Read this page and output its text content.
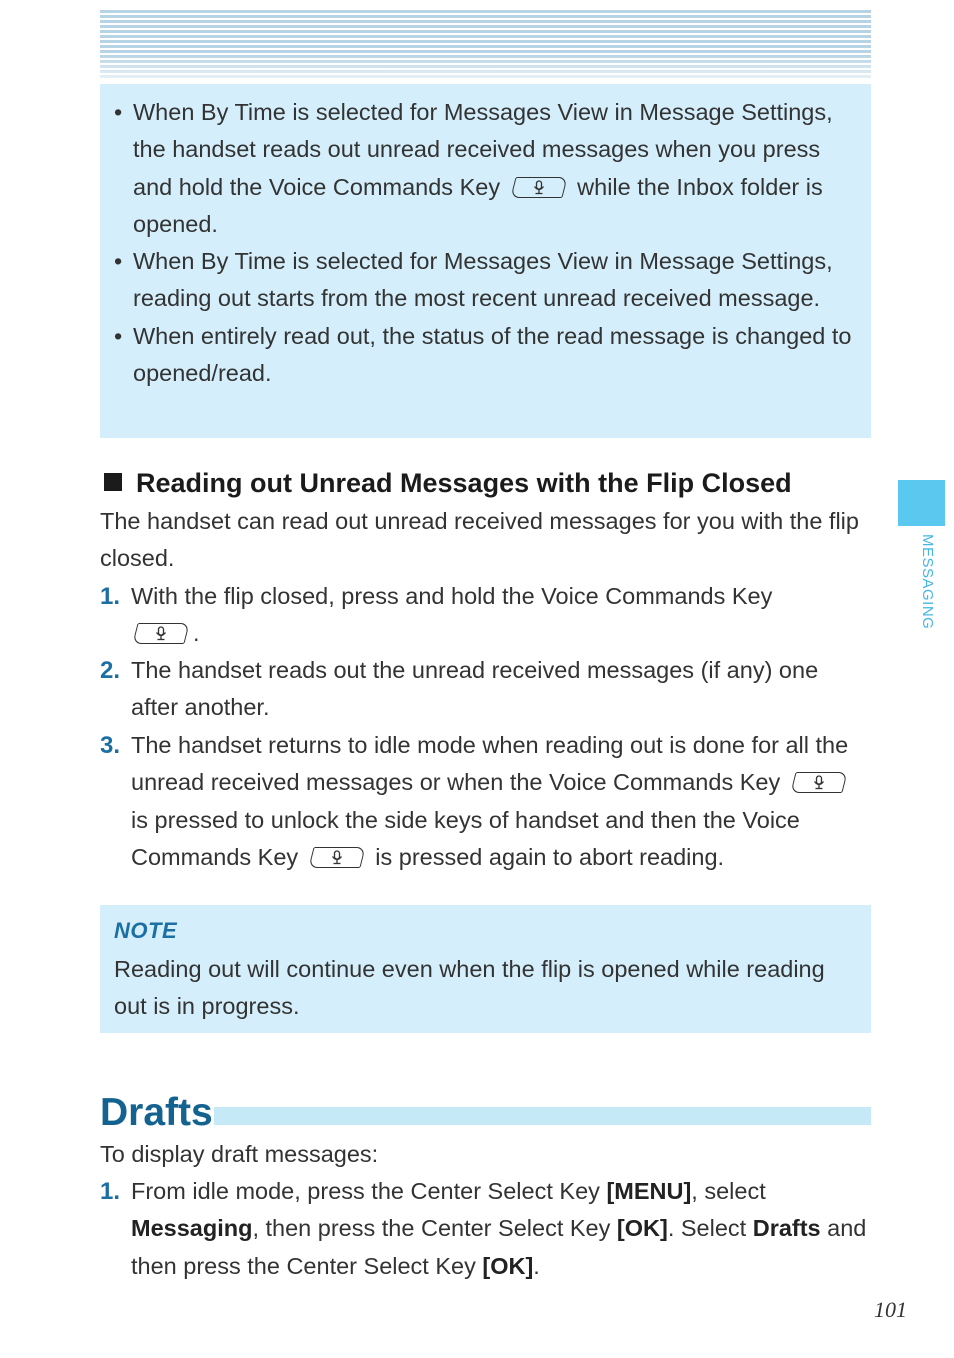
• When By Time is selected for Messages View in Message Settings, the handset reads out unread received messages when you press and hold the Voice Commands Key	while the Inbox folder is opened.
• When By Time is selected for Messages View in Message Settings, reading out starts from the most recent unread received message.
• When entirely read out, the status of the read message is changed to opened/read.
Reading out Unread Messages with the Flip Closed
The handset can read out unread received messages for you with the flip closed.
1. With the flip closed, press and hold the Voice Commands Key

.
2. The handset reads out the unread received messages (if any) one after another.
3. The handset returns to idle mode when reading out is done for all the unread received messages or when the Voice Commands Key
is pressed to unlock the side keys of handset and then the Voice Commands Key	is pressed again to abort reading.
NOTE
Reading out will continue even when the flip is opened while reading out is in progress.
Drafts
To display draft messages:
1. From idle mode, press the Center Select Key [MENU], select Messaging, then press the Center Select Key [OK]. Select Drafts and then press the Center Select Key [OK].
MESSAGING
101
